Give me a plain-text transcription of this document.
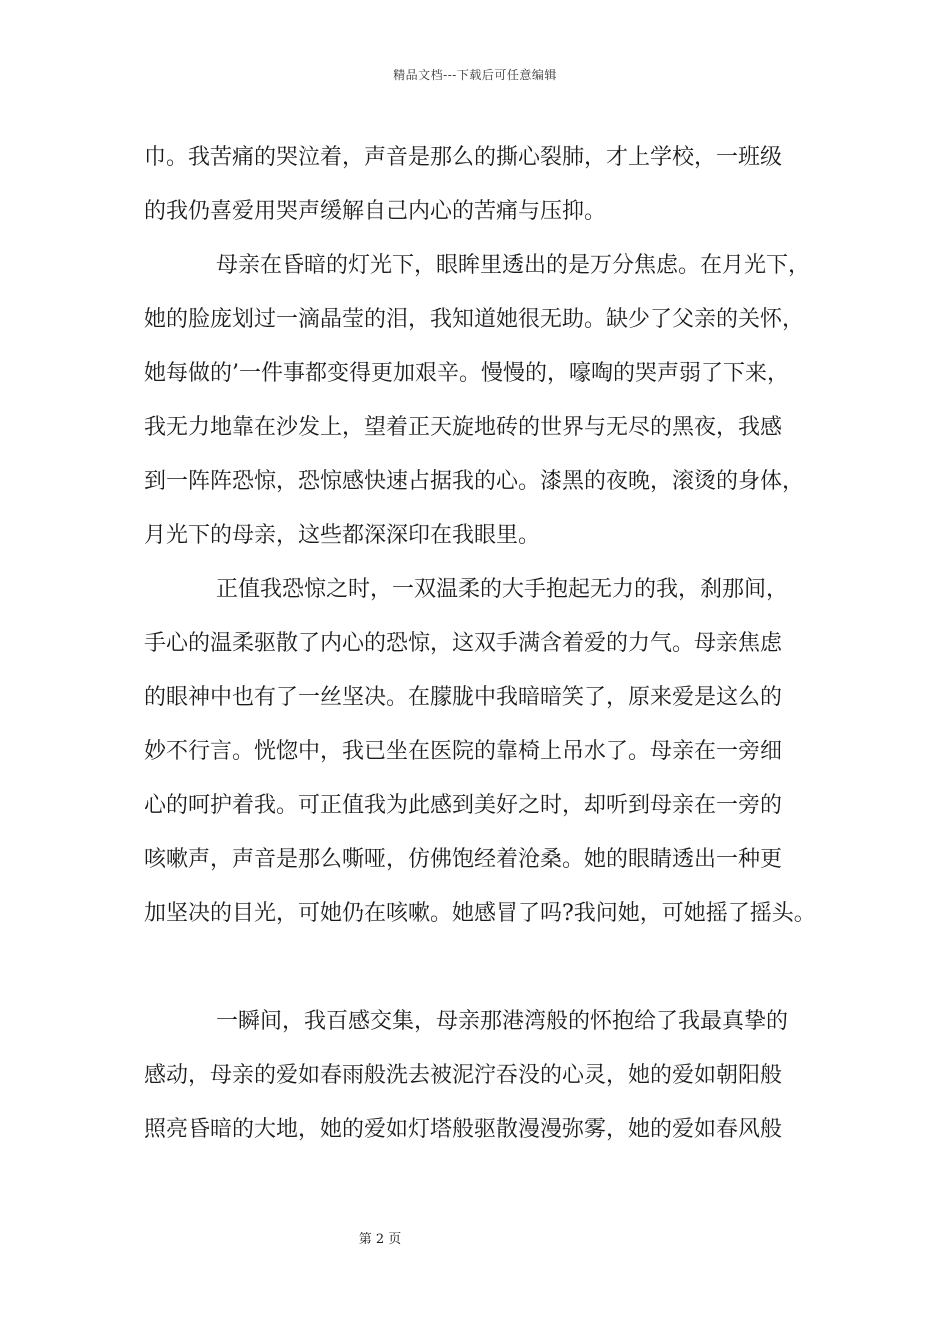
精品文档---下载后可任意编辑
巾。我苦痛的哭泣着，声音是那么的撕心裂肺，才上学校，一班级
的我仍喜爱用哭声缓解自己内心的苦痛与压抑。
母亲在昏暗的灯光下，眼眸里透出的是万分焦虑。在月光下，
她的脸庞划过一滴晶莹的泪，我知道她很无助。缺少了父亲的关怀，
她每做的’一件事都变得更加艰辛。慢慢的，嚎啕的哭声弱了下来，
我无力地靠在沙发上，望着正天旋地砖的世界与无尽的黑夜，我感
到一阵阵恐惊，恐惊感快速占据我的心。漆黑的夜晚，滚烫的身体，
月光下的母亲，这些都深深印在我眼里。
正值我恐惊之时，一双温柔的大手抱起无力的我，刹那间，
手心的温柔驱散了内心的恐惊，这双手满含着爱的力气。母亲焦虑
的眼神中也有了一丝坚决。在朦胧中我暗暗笑了，原来爱是这么的
妙不行言。恍惚中，我已坐在医院的靠椅上吊水了。母亲在一旁细
心的呵护着我。可正值我为此感到美好之时，却听到母亲在一旁的
咳嗽声，声音是那么嘶哑，仿佛饱经着沧桑。她的眼睛透出一种更
加坚决的目光，可她仍在咳嗽。她感冒了吗?我问她，可她摇了摇头。
一瞬间，我百感交集，母亲那港湾般的怀抱给了我最真挚的
感动，母亲的爱如春雨般洗去被泥泞吞没的心灵，她的爱如朝阳般
照亮昏暗的大地，她的爱如灯塔般驱散漫漫弥雾，她的爱如春风般
第 2 页
